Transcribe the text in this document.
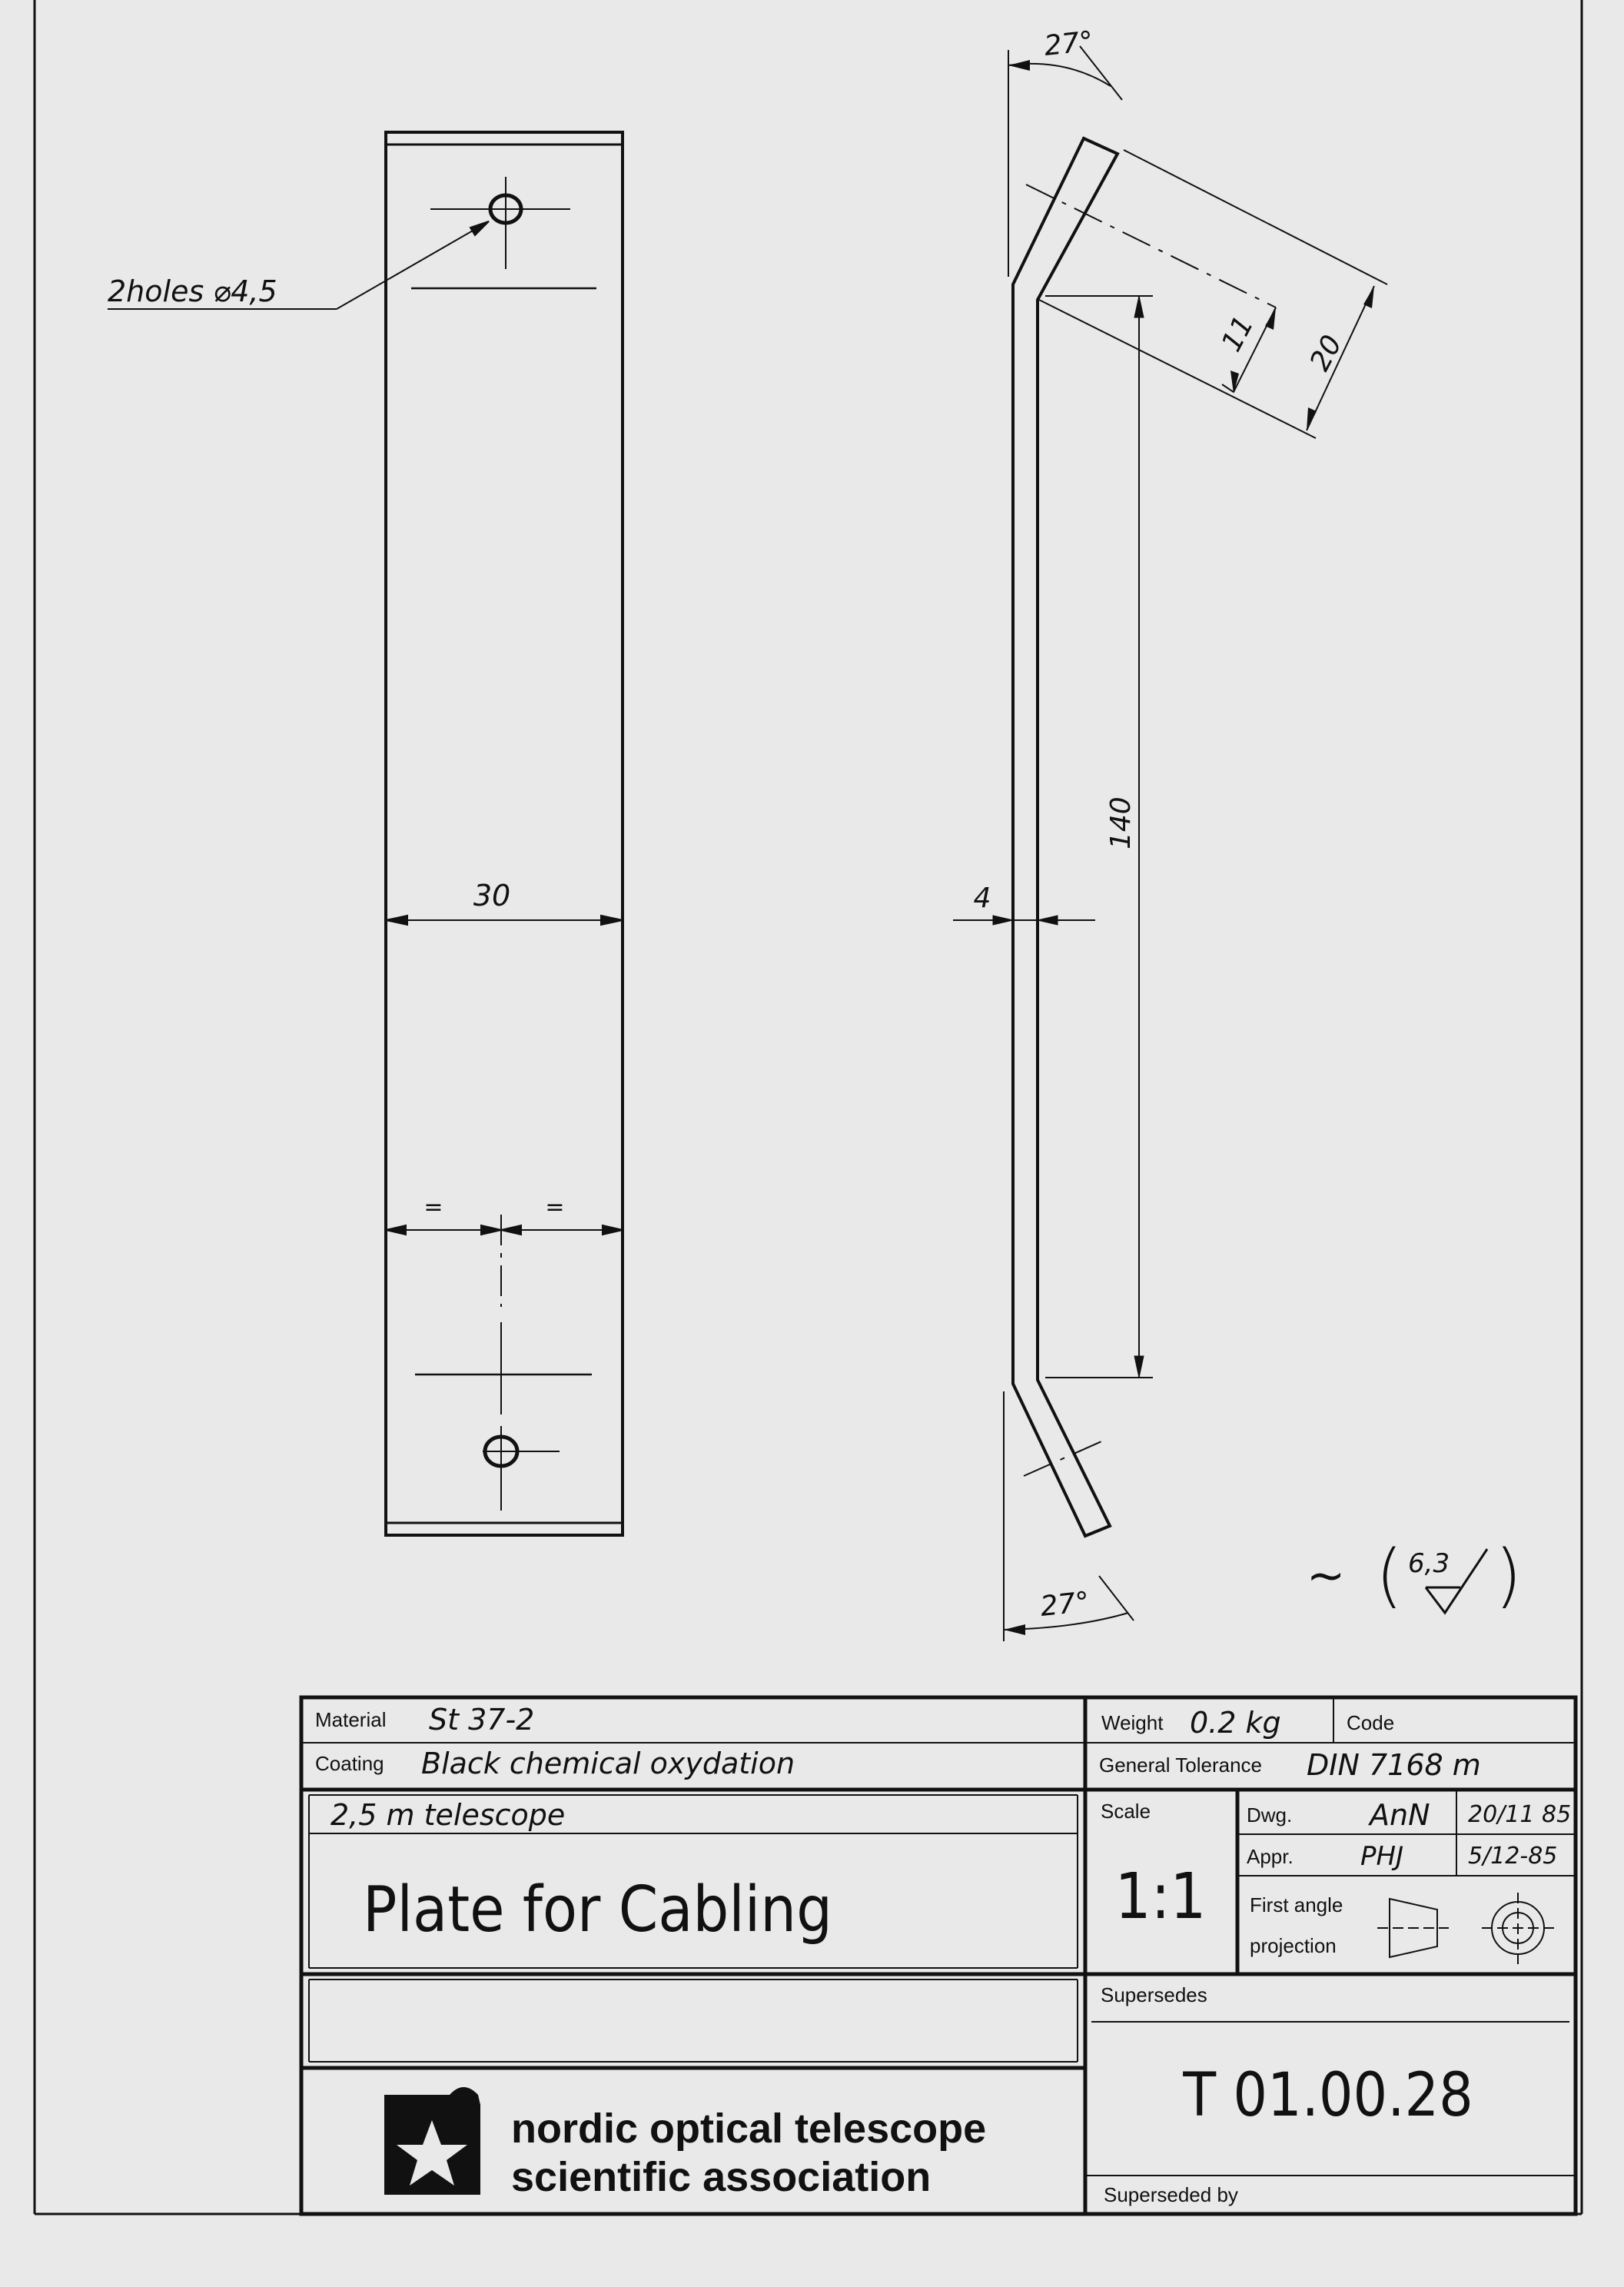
2holes ⌀4,5
30
=	=
27°
27°
11 20
140
4
~ ( 6,3 )
Material St 37-2
Coating Black chemical oxydation
2,5 m telescope
Plate for Cabling
Weight 0.2 kg	Code
General Tolerance DIN 7168 m
Scale
1:1
Dwg.	AnN 20/11 85
Appr.	PHJ	5/12-85
First angle
projection
Supersedes
T 01.00.28
Superseded by
nordic optical telescope
scientific association
